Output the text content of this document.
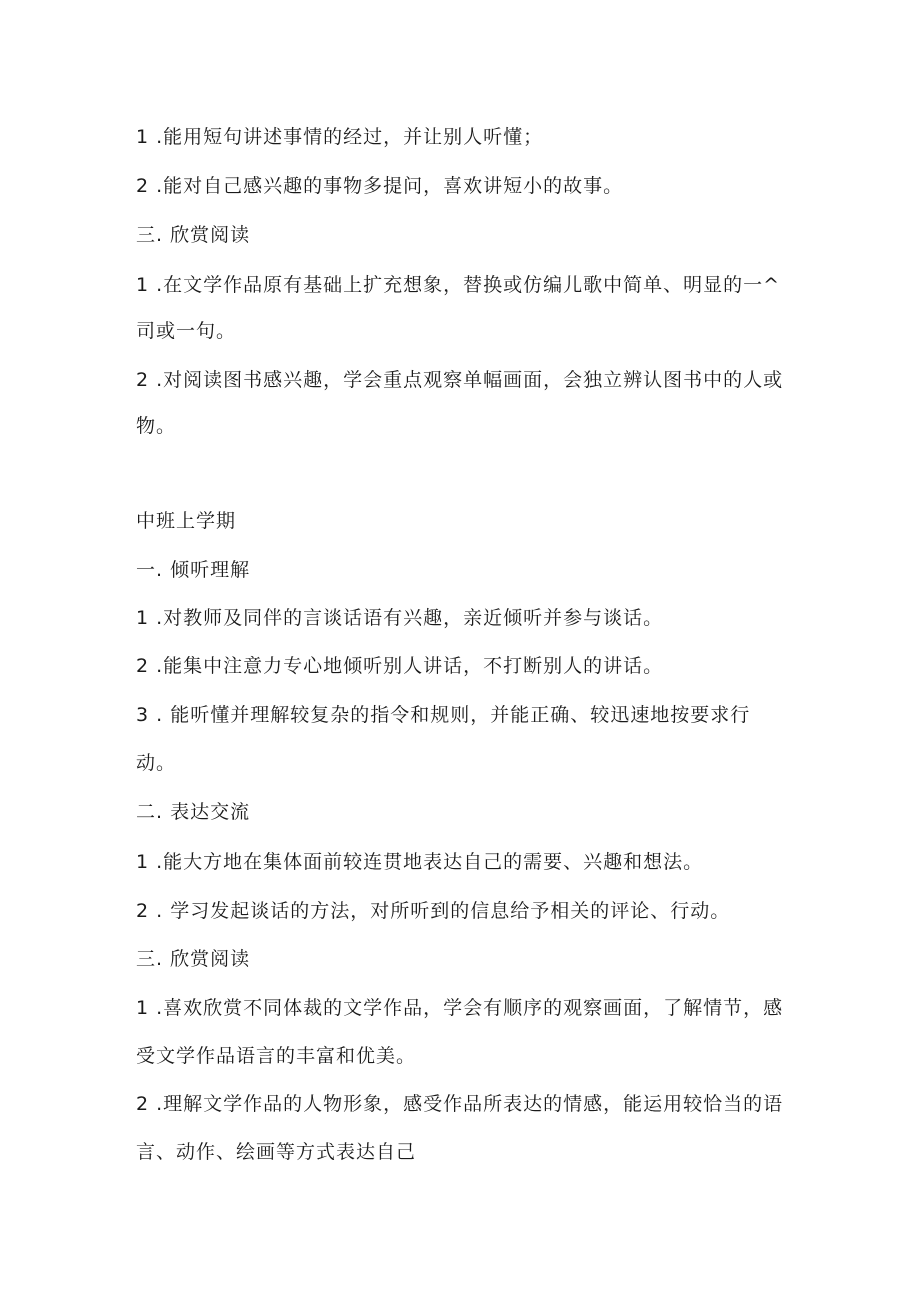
1 .能用短句讲述事情的经过，并让别人听懂；
2 .能对自己感兴趣的事物多提问，喜欢讲短小的故事。
三. 欣赏阅读
1 .在文学作品原有基础上扩充想象，替换或仿编儿歌中简单、明显的一^
司或一句。
2 .对阅读图书感兴趣，学会重点观察单幅画面，会独立辨认图书中的人或
物。
中班上学期
一. 倾听理解
1 .对教师及同伴的言谈话语有兴趣，亲近倾听并参与谈话。
2 .能集中注意力专心地倾听别人讲话，不打断别人的讲话。
3 . 能听懂并理解较复杂的指令和规则，并能正确、较迅速地按要求行
动。
二. 表达交流
1 .能大方地在集体面前较连贯地表达自己的需要、兴趣和想法。
2 . 学习发起谈话的方法，对所听到的信息给予相关的评论、行动。
三. 欣赏阅读
1 .喜欢欣赏不同体裁的文学作品，学会有顺序的观察画面，了解情节，感
受文学作品语言的丰富和优美。
2 .理解文学作品的人物形象，感受作品所表达的情感，能运用较恰当的语
言、动作、绘画等方式表达自己
